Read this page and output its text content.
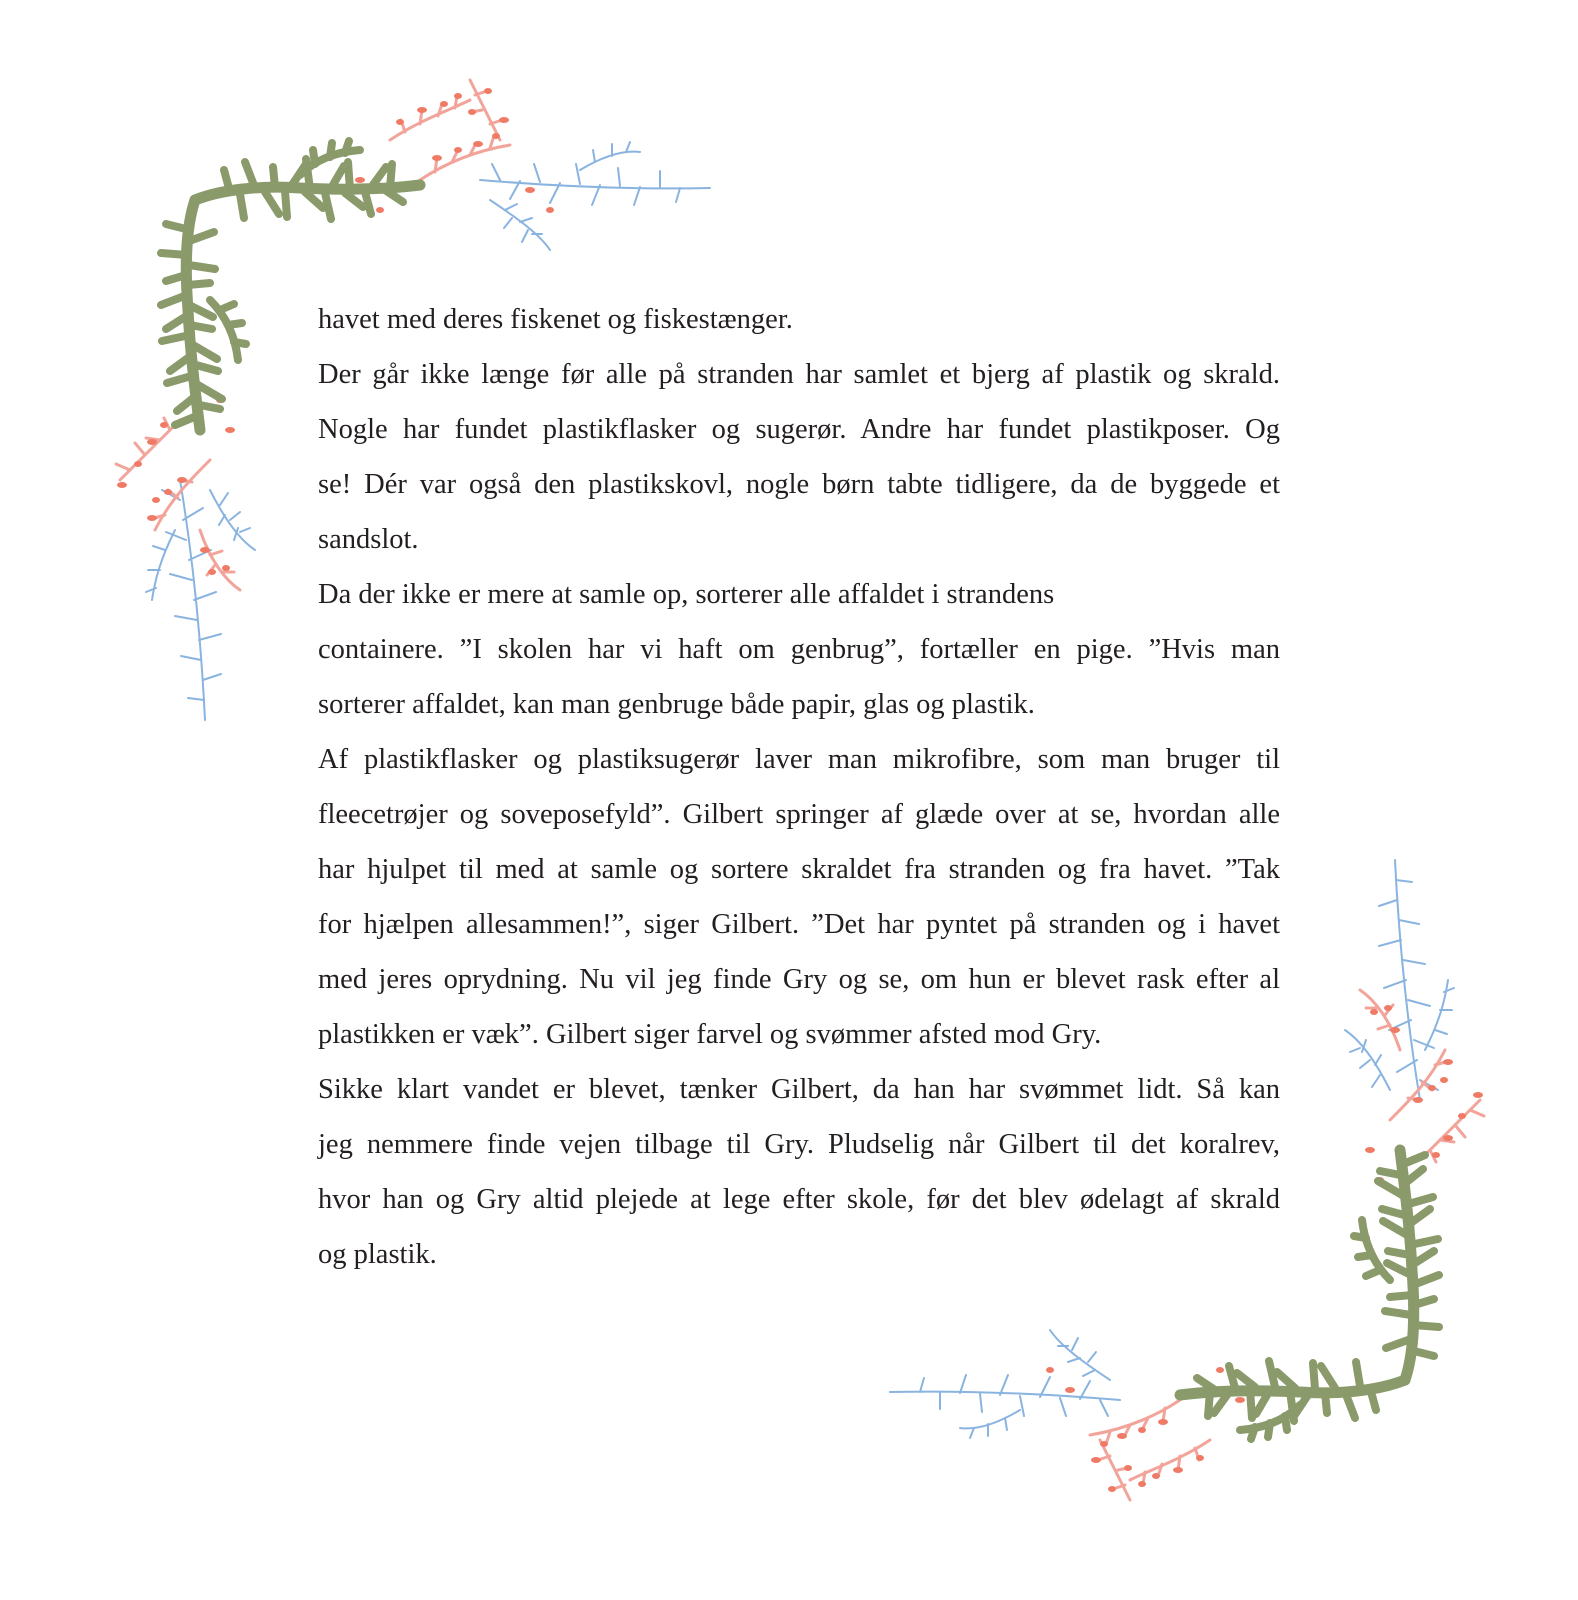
havet med deres fiskenet og fiskestænger.

Der går ikke længe før alle på stranden har samlet et bjerg af plastik og skrald.
Nogle har fundet plastikflasker og sugerør. Andre har fundet plastikposer. Og
se! Dér var også den plastikskovl, nogle børn tabte tidligere, da de byggede et
sandslot.

Da der ikke er mere at samle op, sorterer alle affaldet i strandens
containere. ”I skolen har vi haft om genbrug”, fortæller en pige. ”Hvis man
sorterer affaldet, kan man genbruge både papir, glas og plastik.

Af plastikflasker og plastiksugerør laver man mikrofibre, som man bruger til
fleecetrøjer og soveposefyld”. Gilbert springer af glæde over at se, hvordan alle
har hjulpet til med at samle og sortere skraldet fra stranden og fra havet. ”Tak
for hjælpen allesammen!”, siger Gilbert. ”Det har pyntet på stranden og i havet
med jeres oprydning. Nu vil jeg finde Gry og se, om hun er blevet rask efter al
plastikken er væk”. Gilbert siger farvel og svømmer afsted mod Gry.

Sikke klart vandet er blevet, tænker Gilbert, da han har svømmet lidt. Så kan
jeg nemmere finde vejen tilbage til Gry. Pludselig når Gilbert til det koralrev,
hvor han og Gry altid plejede at lege efter skole, før det blev ødelagt af skrald
og plastik.
